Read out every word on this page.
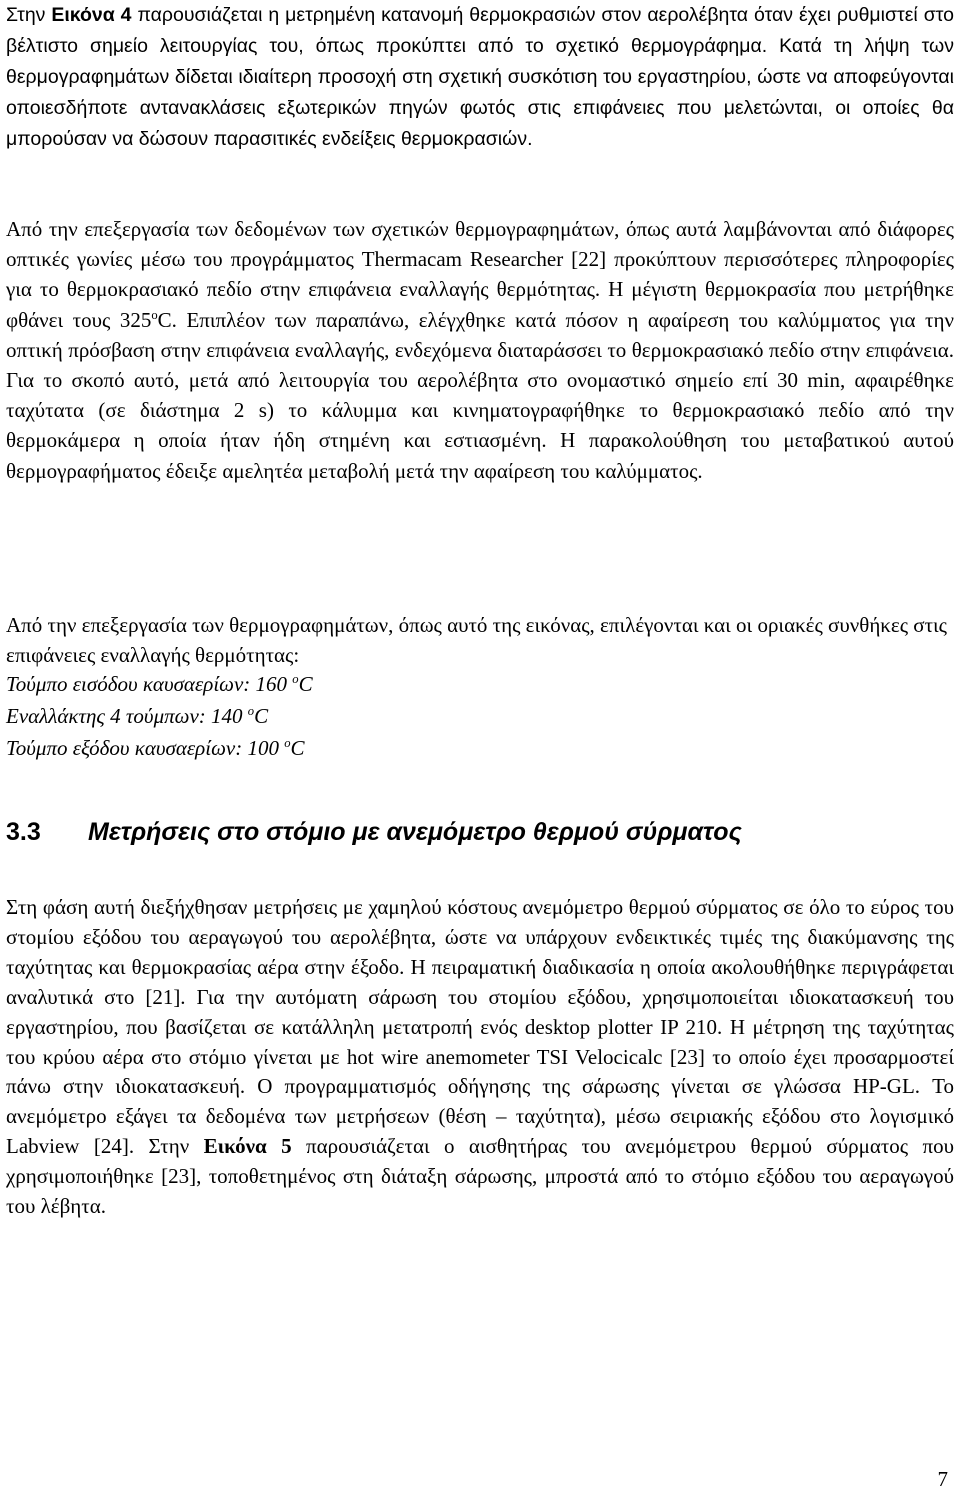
Στην Εικόνα 4 παρουσιάζεται η μετρημένη κατανομή θερμοκρασιών στον αερολέβητα όταν έχει ρυθμιστεί στο βέλτιστο σημείο λειτουργίας του, όπως προκύπτει από το σχετικό θερμογράφημα. Κατά τη λήψη των θερμογραφημάτων δίδεται ιδιαίτερη προσοχή στη σχετική συσκότιση του εργαστηρίου, ώστε να αποφεύγονται οποιεσδήποτε αντανακλάσεις εξωτερικών πηγών φωτός στις επιφάνειες που μελετώνται, οι οποίες θα μπορούσαν να δώσουν παρασιτικές ενδείξεις θερμοκρασιών.

Από την επεξεργασία των δεδομένων των σχετικών θερμογραφημάτων, όπως αυτά λαμβάνονται από διάφορες οπτικές γωνίες μέσω του προγράμματος Thermacam Researcher [22] προκύπτουν περισσότερες πληροφορίες για το θερμοκρασιακό πεδίο στην επιφάνεια εναλλαγής θερμότητας. Η μέγιστη θερμοκρασία που μετρήθηκε φθάνει τους 325$^o$C. Επιπλέον των παραπάνω, ελέγχθηκε κατά πόσον η αφαίρεση του καλύμματος για την οπτική πρόσβαση στην επιφάνεια εναλλαγής, ενδεχόμενα διαταράσσει το θερμοκρασιακό πεδίο στην επιφάνεια. Για το σκοπό αυτό, μετά από λειτουργία του αερολέβητα στο ονομαστικό σημείο επί 30 min, αφαιρέθηκε ταχύτατα (σε διάστημα 2 s) το κάλυμμα και κινηματογραφήθηκε το θερμοκρασιακό πεδίο από την θερμοκάμερα η οποία ήταν ήδη στημένη και εστιασμένη. Η παρακολούθηση του μεταβατικού αυτού θερμογραφήματος έδειξε αμελητέα μεταβολή μετά την αφαίρεση του καλύμματος.

Από την επεξεργασία των θερμογραφημάτων, όπως αυτό της εικόνας, επιλέγονται και οι οριακές συνθήκες στις επιφάνειες εναλλαγής θερμότητας:

Τούμπο εισόδου καυσαερίων: 160 $^o$C

Εναλλάκτης 4 τούμπων: 140 $^o$C

Τούμπο εξόδου καυσαερίων: 100 $^o$C

3.3 Μετρήσεις στο στόμιο με ανεμόμετρο θερμού σύρματος

Στη φάση αυτή διεξήχθησαν μετρήσεις με χαμηλού κόστους ανεμόμετρο θερμού σύρματος σε όλο το εύρος του στομίου εξόδου του αεραγωγού του αερολέβητα, ώστε να υπάρχουν ενδεικτικές τιμές της διακύμανσης της ταχύτητας και θερμοκρασίας αέρα στην έξοδο. Η πειραματική διαδικασία η οποία ακολουθήθηκε περιγράφεται αναλυτικά στο [21]. Για την αυτόματη σάρωση του στομίου εξόδου, χρησιμοποιείται ιδιοκατασκευή του εργαστηρίου, που βασίζεται σε κατάλληλη μετατροπή ενός desktop plotter IP 210. Η μέτρηση της ταχύτητας του κρύου αέρα στο στόμιο γίνεται με hot wire anemometer TSI Velocicalc [23] το οποίο έχει προσαρμοστεί πάνω στην ιδιοκατασκευή. Ο προγραμματισμός οδήγησης της σάρωσης γίνεται σε γλώσσα HP-GL. Το ανεμόμετρο εξάγει τα δεδομένα των μετρήσεων (θέση – ταχύτητα), μέσω σειριακής εξόδου στο λογισμικό Labview [24]. Στην Εικόνα 5 παρουσιάζεται ο αισθητήρας του ανεμόμετρου θερμού σύρματος που χρησιμοποιήθηκε [23], τοποθετημένος στη διάταξη σάρωσης, μπροστά από το στόμιο εξόδου του αεραγωγού του λέβητα.

7
